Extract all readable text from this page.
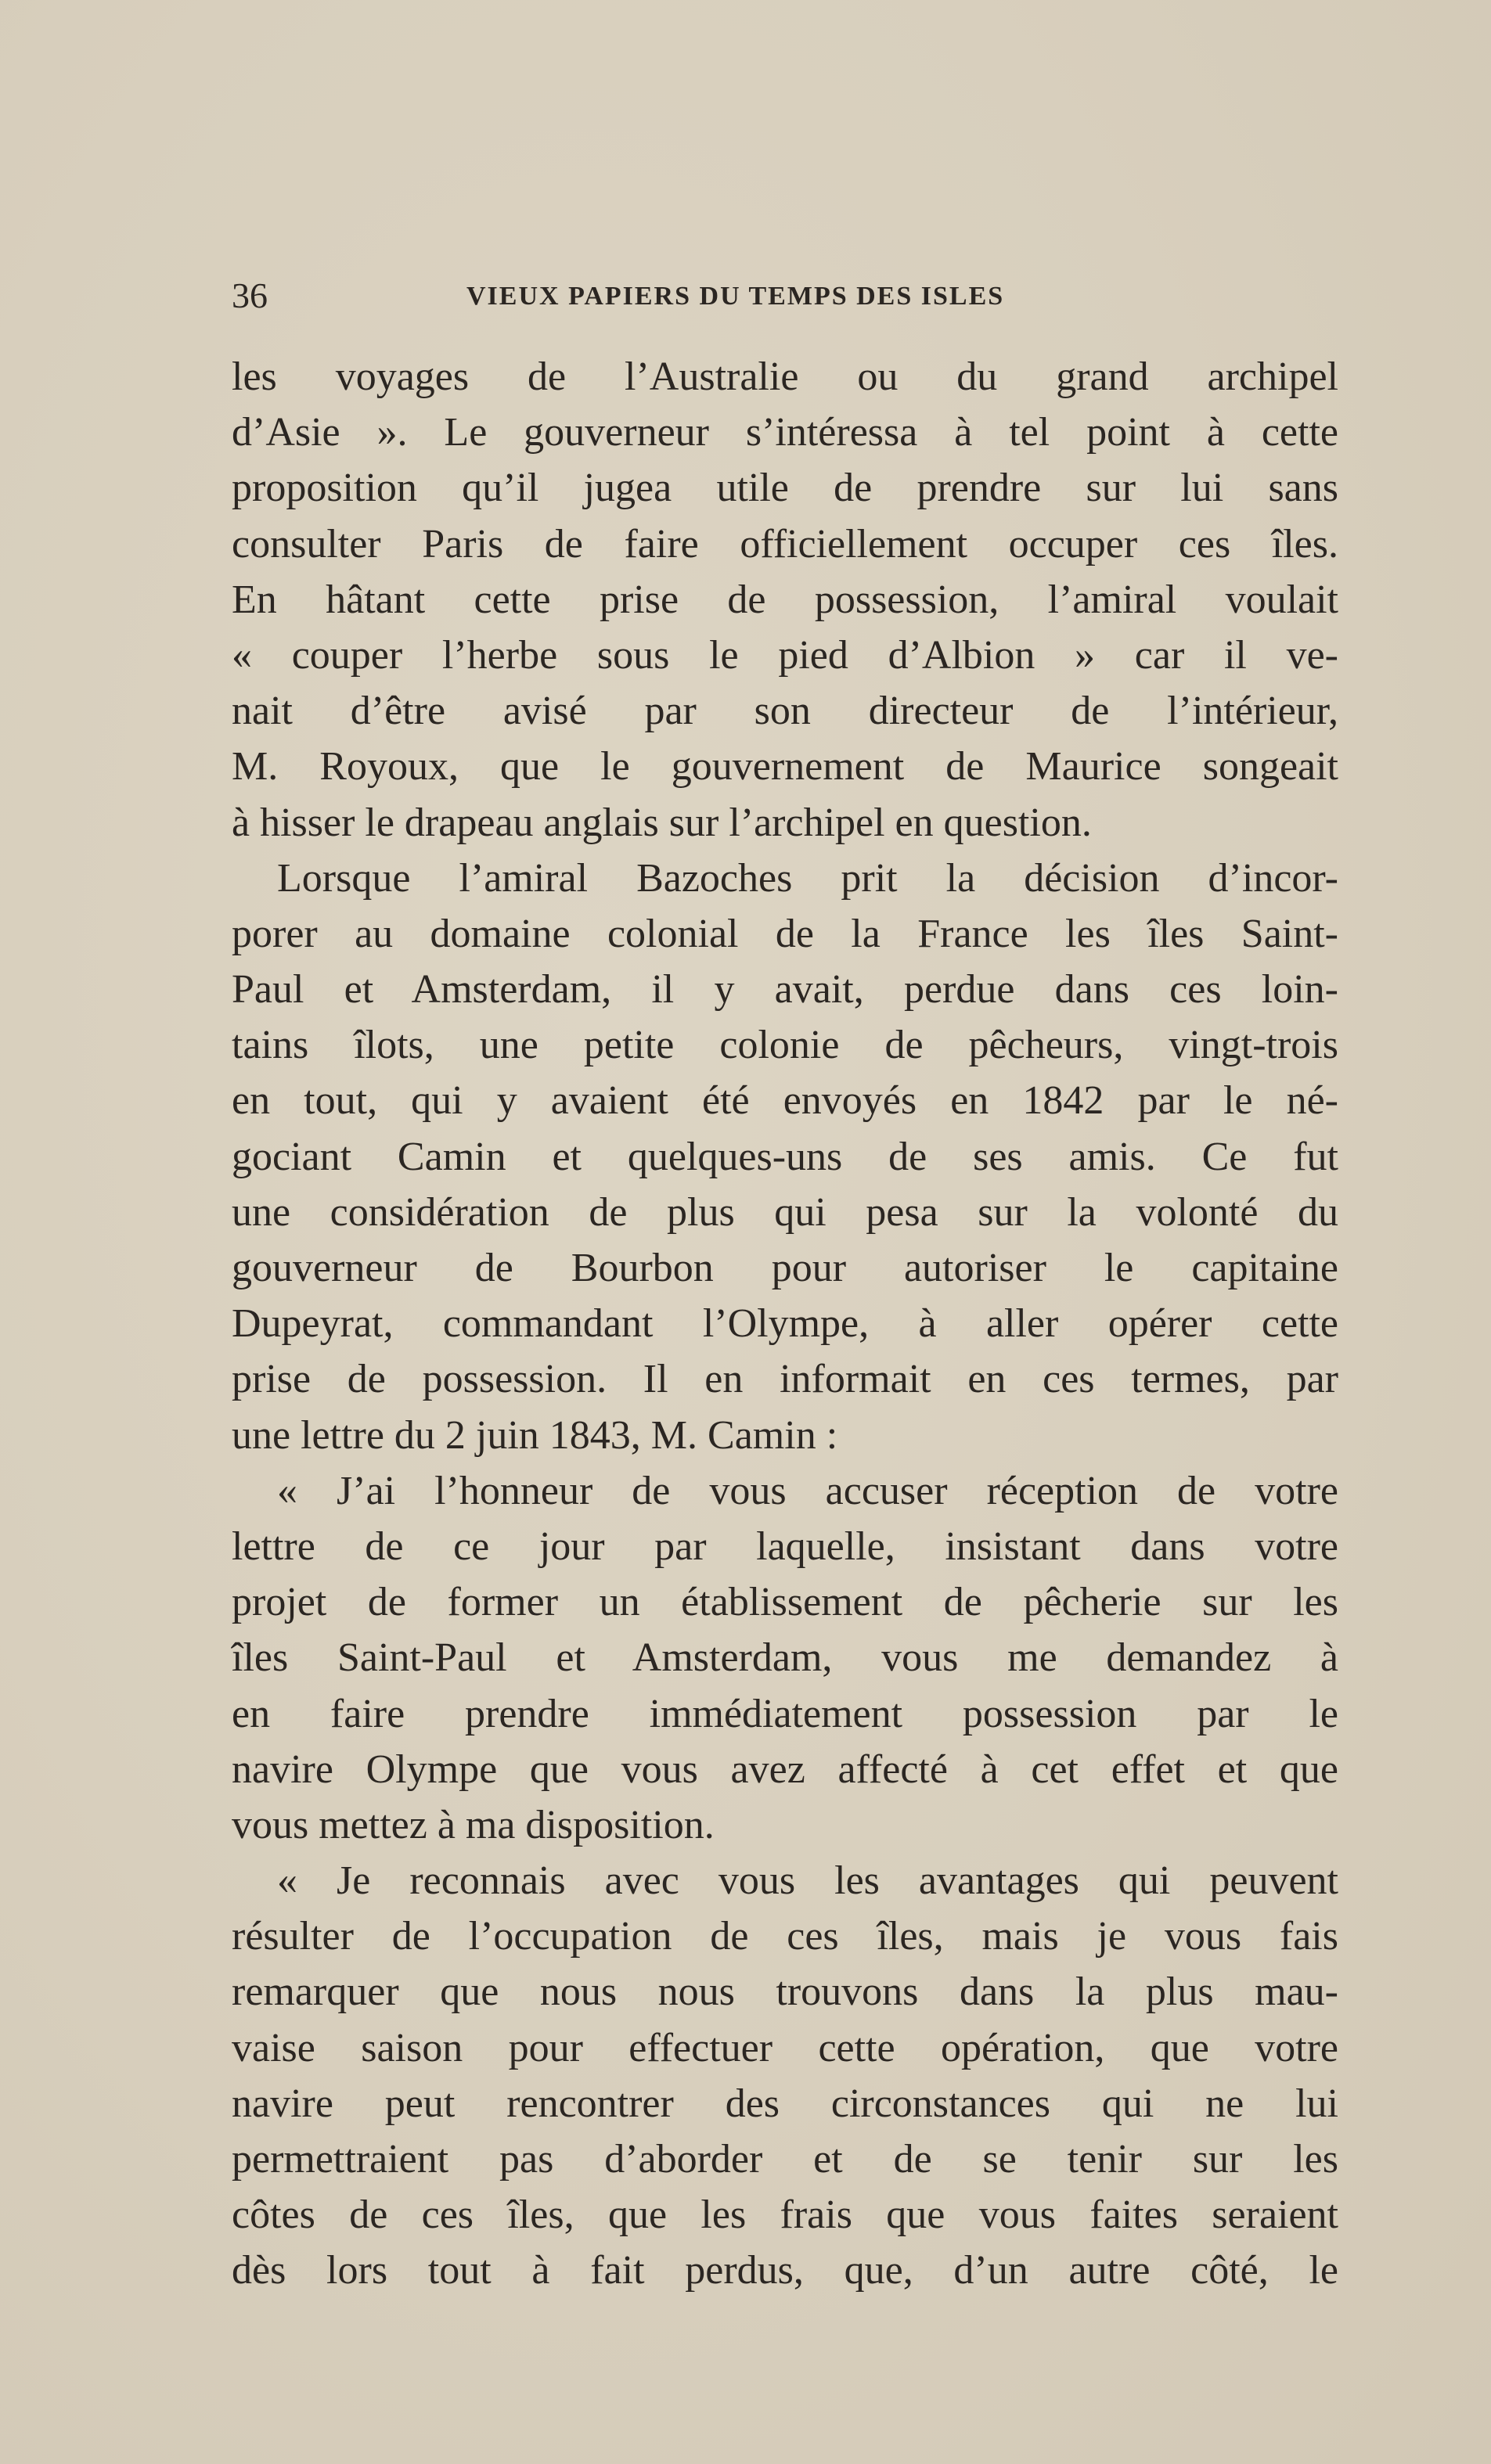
36	VIEUX PAPIERS DU TEMPS DES ISLES
les voyages de l’Australie ou du grand archipel
d’Asie ». Le gouverneur s’intéressa à tel point à cette
proposition qu’il jugea utile de prendre sur lui sans
consulter Paris de faire officiellement occuper ces îles.
En hâtant cette prise de possession, l’amiral voulait
« couper l’herbe sous le pied d’Albion » car il ve-
nait d’être avisé par son directeur de l’intérieur,
M. Royoux, que le gouvernement de Maurice songeait
à hisser le drapeau anglais sur l’archipel en question.
Lorsque l’amiral Bazoches prit la décision d’incor-
porer au domaine colonial de la France les îles Saint-
Paul et Amsterdam, il y avait, perdue dans ces loin-
tains îlots, une petite colonie de pêcheurs, vingt-trois
en tout, qui y avaient été envoyés en 1842 par le né-
gociant Camin et quelques-uns de ses amis. Ce fut
une considération de plus qui pesa sur la volonté du
gouverneur de Bourbon pour autoriser le capitaine
Dupeyrat, commandant l’Olympe, à aller opérer cette
prise de possession. Il en informait en ces termes, par
une lettre du 2 juin 1843, M. Camin :
« J’ai l’honneur de vous accuser réception de votre
lettre de ce jour par laquelle, insistant dans votre
projet de former un établissement de pêcherie sur les
îles Saint-Paul et Amsterdam, vous me demandez à
en faire prendre immédiatement possession par le
navire Olympe que vous avez affecté à cet effet et que
vous mettez à ma disposition.
« Je reconnais avec vous les avantages qui peuvent
résulter de l’occupation de ces îles, mais je vous fais
remarquer que nous nous trouvons dans la plus mau-
vaise saison pour effectuer cette opération, que votre
navire peut rencontrer des circonstances qui ne lui
permettraient pas d’aborder et de se tenir sur les
côtes de ces îles, que les frais que vous faites seraient
dès lors tout à fait perdus, que, d’un autre côté, le
